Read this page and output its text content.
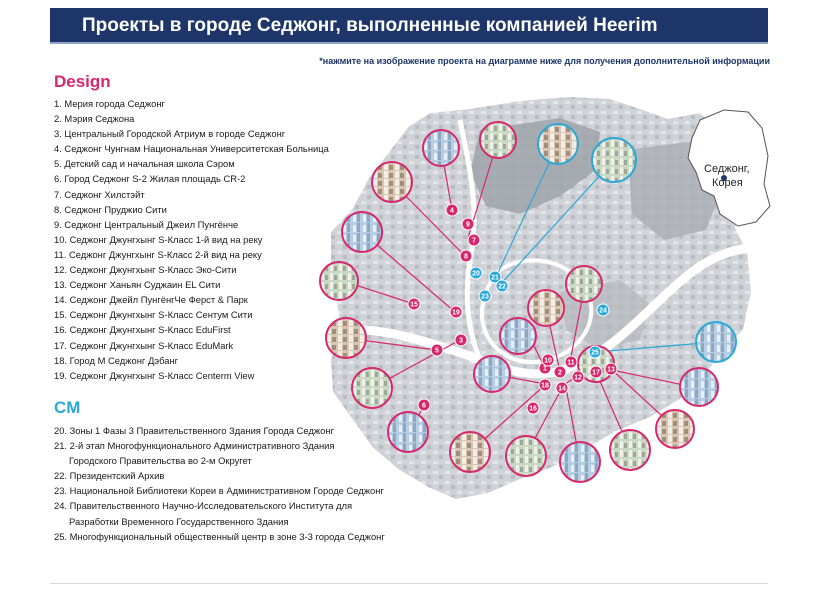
Проекты в городе Седжонг, выполненные компанией Heerim
*нажмите на изображение проекта на диаграмме ниже для получения дополнительной информации
Design
1. Мерия города Седжонг
2. Мэрия Седжона
3. Центральный Городской Атриум в городе Седжонг
4. Седжонг Чунгнам Национальная Университетская Больница
5. Детский сад и начальная школа Сэром
6. Город Седжонг S-2 Жилая площадь CR-2
7. Седжонг Хилстэйт
8. Седжонг Пруджио Сити
9. Седжонг Центральный Джеил Пунгёнче
10. Седжонг Джунгхынг S-Класс 1-й вид на реку
11. Седжонг Джунгхынг S-Класс 2-й вид на реку
12. Седжонг Джунгхынг S-Класс Эко-Сити
13. Седжонг Ханьян Суджаин EL Сити
14. Седжонг Джейл ПунгёнгЧе Ферст & Парк
15. Седжонг Джунгхынг S-Класс Сентум Сити
16. Седжонг Джунгхынг S-Класс EduFirst
17. Седжонг Джунгхынг S-Класс EduMark
18. Город М Седжонг Дэбанг
19. Седжонг Джунгхынг S-Класс Centerm View
CM
20. Зоны 1 Фазы 3 Правительственного Здания Города Седжонг
21. 2-й этап Многофункционального Административного Здания
Городского Правительства во 2-м Округет
22. Президентский Архив
23. Национальной Библиотеки Кореи в Административном Городе Седжонг
24. Правительственного Научно-Исследовательского Института для
Разработки Временного Государственного Здания
25. Многофункциональный общественный центр в зоне 3-3 города Седжонг
Седжонг,
Корея
4
9
7
8
15
19
3
5
6
1
2
11
18 14
12
17 13
16
10
20
21
22
23
24
25
